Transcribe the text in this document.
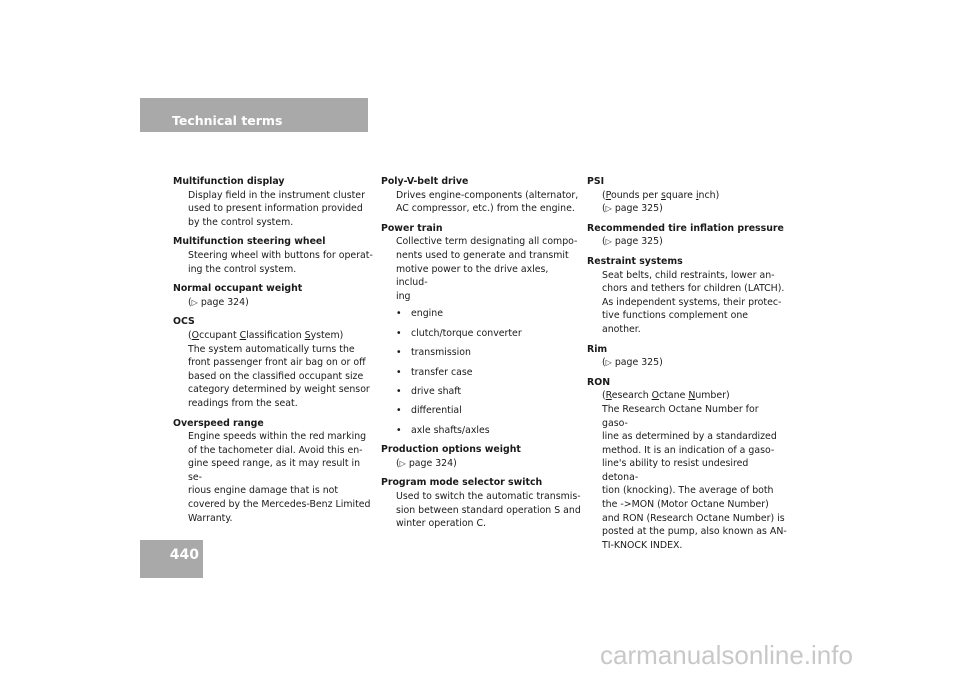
Technical terms
440
Multifunction display
Display field in the instrument cluster
used to present information provided
by the control system.
Multifunction steering wheel
Steering wheel with buttons for operat-
ing the control system.
Normal occupant weight
(▷ page 324)
OCS
(Occupant Classification System)
The system automatically turns the
front passenger front air bag on or off
based on the classified occupant size
category determined by weight sensor
readings from the seat.
Overspeed range
Engine speeds within the red marking
of the tachometer dial. Avoid this en-
gine speed range, as it may result in se-
rious engine damage that is not
covered by the Mercedes-Benz Limited
Warranty.
Poly-V-belt drive
Drives engine-components (alternator,
AC compressor, etc.) from the engine.
Power train
Collective term designating all compo-
nents used to generate and transmit
motive power to the drive axles, includ-
ing
• engine
• clutch/torque converter
• transmission
• transfer case
• drive shaft
• differential
• axle shafts/axles
Production options weight
(▷ page 324)
Program mode selector switch
Used to switch the automatic transmis-
sion between standard operation S and
winter operation C.
PSI
(Pounds per square inch)
(▷ page 325)
Recommended tire inflation pressure
(▷ page 325)
Restraint systems
Seat belts, child restraints, lower an-
chors and tethers for children (LATCH).
As independent systems, their protec-
tive functions complement one
another.
Rim
(▷ page 325)
RON
(Research Octane Number)
The Research Octane Number for gaso-
line as determined by a standardized
method. It is an indication of a gaso-
line's ability to resist undesired detona-
tion (knocking). The average of both
the ->MON (Motor Octane Number)
and RON (Research Octane Number) is
posted at the pump, also known as AN-
TI-KNOCK INDEX.
carmanualsonline.info
